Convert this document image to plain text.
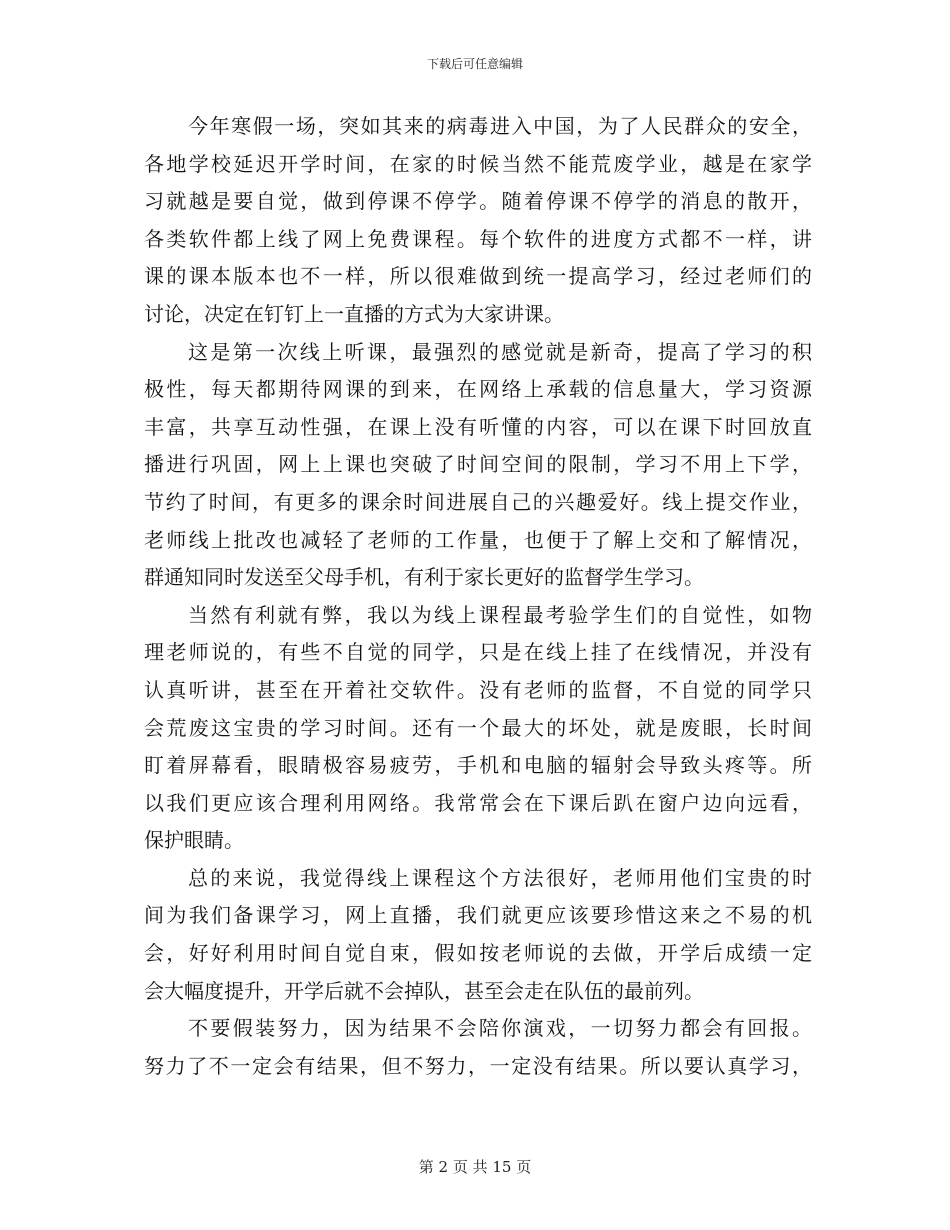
下载后可任意编辑
今年寒假一场，突如其来的病毒进入中国，为了人民群众的安全，
各地学校延迟开学时间，在家的时候当然不能荒废学业，越是在家学
习就越是要自觉，做到停课不停学。随着停课不停学的消息的散开，
各类软件都上线了网上免费课程。每个软件的进度方式都不一样，讲
课的课本版本也不一样，所以很难做到统一提高学习，经过老师们的
讨论，决定在钉钉上一直播的方式为大家讲课。
这是第一次线上听课，最强烈的感觉就是新奇，提高了学习的积
极性，每天都期待网课的到来，在网络上承载的信息量大，学习资源
丰富，共享互动性强，在课上没有听懂的内容，可以在课下时回放直
播进行巩固，网上上课也突破了时间空间的限制，学习不用上下学，
节约了时间，有更多的课余时间进展自己的兴趣爱好。线上提交作业，
老师线上批改也减轻了老师的工作量，也便于了解上交和了解情况，
群通知同时发送至父母手机，有利于家长更好的监督学生学习。
当然有利就有弊，我以为线上课程最考验学生们的自觉性，如物
理老师说的，有些不自觉的同学，只是在线上挂了在线情况，并没有
认真听讲，甚至在开着社交软件。没有老师的监督，不自觉的同学只
会荒废这宝贵的学习时间。还有一个最大的坏处，就是废眼，长时间
盯着屏幕看，眼睛极容易疲劳，手机和电脑的辐射会导致头疼等。所
以我们更应该合理利用网络。我常常会在下课后趴在窗户边向远看，
保护眼睛。
总的来说，我觉得线上课程这个方法很好，老师用他们宝贵的时
间为我们备课学习，网上直播，我们就更应该要珍惜这来之不易的机
会，好好利用时间自觉自束，假如按老师说的去做，开学后成绩一定
会大幅度提升，开学后就不会掉队，甚至会走在队伍的最前列。
不要假装努力，因为结果不会陪你演戏，一切努力都会有回报。
努力了不一定会有结果，但不努力，一定没有结果。所以要认真学习，
第 2 页 共 15 页
